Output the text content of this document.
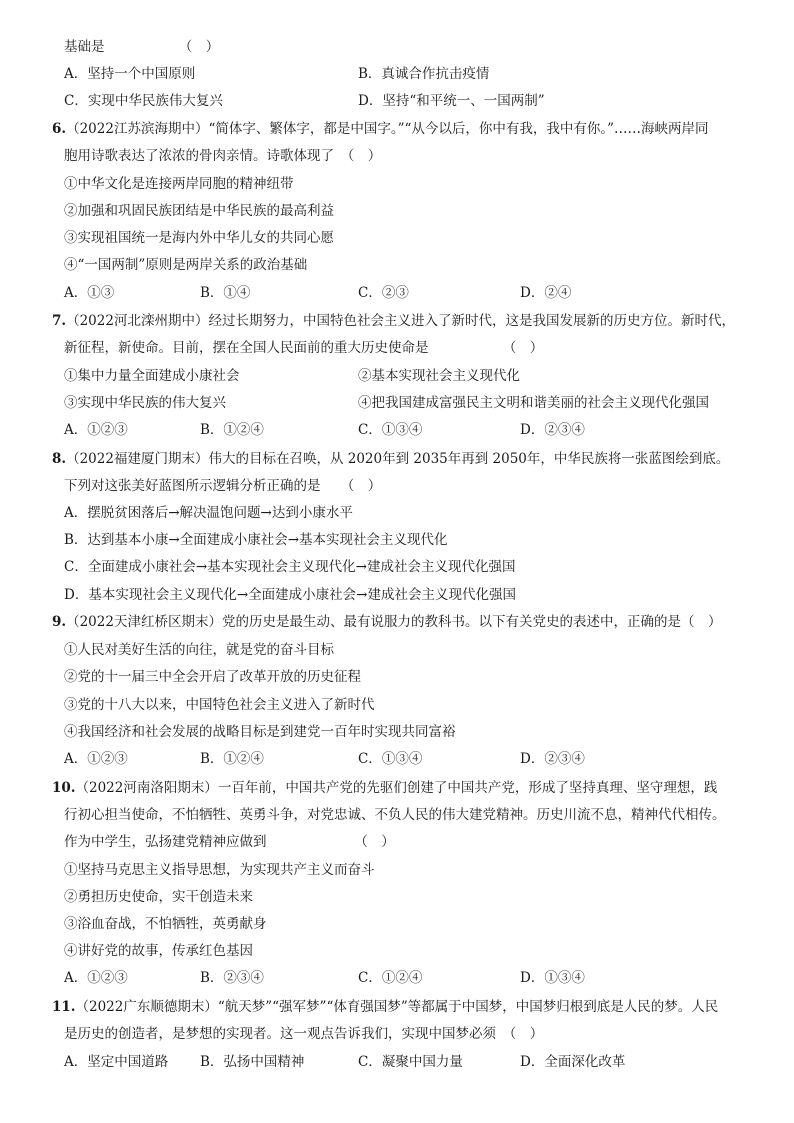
基础是　　　　　　（　）
A．坚持一个中国原则	B．真诚合作抗击疫情
C．实现中华民族伟大复兴	D．坚持“和平统一、一国两制”
6.（2022江苏滨海期中）“简体字、繁体字，都是中国字。”“从今以后，你中有我，我中有你。”……海峡两岸同
胞用诗歌表达了浓浓的骨肉亲情。诗歌体现了　（　）
①中华文化是连接两岸同胞的精神纽带
②加强和巩固民族团结是中华民族的最高利益
③实现祖国统一是海内外中华儿女的共同心愿
④“一国两制”原则是两岸关系的政治基础
A．①③	B．①④	C．②③	D．②④
7.（2022河北滦州期中）经过长期努力，中国特色社会主义进入了新时代，这是我国发展新的历史方位。新时代，
新征程，新使命。目前，摆在全国人民面前的重大历史使命是　　　　　　（　）
①集中力量全面建成小康社会	②基本实现社会主义现代化
③实现中华民族的伟大复兴	④把我国建成富强民主文明和谐美丽的社会主义现代化强国
A．①②③	B．①②④	C．①③④	D．②③④
8.（2022福建厦门期末）伟大的目标在召唤，从 2020年到 2035年再到 2050年，中华民族将一张蓝图绘到底。
下列对这张美好蓝图所示逻辑分析正确的是　　（　）
A．摆脱贫困落后→解决温饱问题→达到小康水平
B．达到基本小康→全面建成小康社会→基本实现社会主义现代化
C．全面建成小康社会→基本实现社会主义现代化→建成社会主义现代化强国
D．基本实现社会主义现代化→全面建成小康社会→建成社会主义现代化强国
9.（2022天津红桥区期末）党的历史是最生动、最有说服力的教科书。以下有关党史的表述中，正确的是（　）
①人民对美好生活的向往，就是党的奋斗目标
②党的十一届三中全会开启了改革开放的历史征程
③党的十八大以来，中国特色社会主义进入了新时代
④我国经济和社会发展的战略目标是到建党一百年时实现共同富裕
A．①②③	B．①②④	C．①③④	D．②③④
10.（2022河南洛阳期末）一百年前，中国共产党的先驱们创建了中国共产党，形成了坚持真理、坚守理想，践
行初心担当使命，不怕牺牲、英勇斗争，对党忠诚、不负人民的伟大建党精神。历史川流不息，精神代代相传。
作为中学生，弘扬建党精神应做到　　　　　　　（　）
①坚持马克思主义指导思想，为实现共产主义而奋斗
②勇担历史使命，实干创造未来
③浴血奋战，不怕牺牲，英勇献身
④讲好党的故事，传承红色基因
A．①②③	B．②③④	C．①②④	D．①③④
11.（2022广东顺德期末）“航天梦”“强军梦”“体育强国梦”等都属于中国梦，中国梦归根到底是人民的梦。人民
是历史的创造者，是梦想的实现者。这一观点告诉我们，实现中国梦必须　（　）
A．坚定中国道路 B．弘扬中国精神	C．凝聚中国力量	D．全面深化改革
